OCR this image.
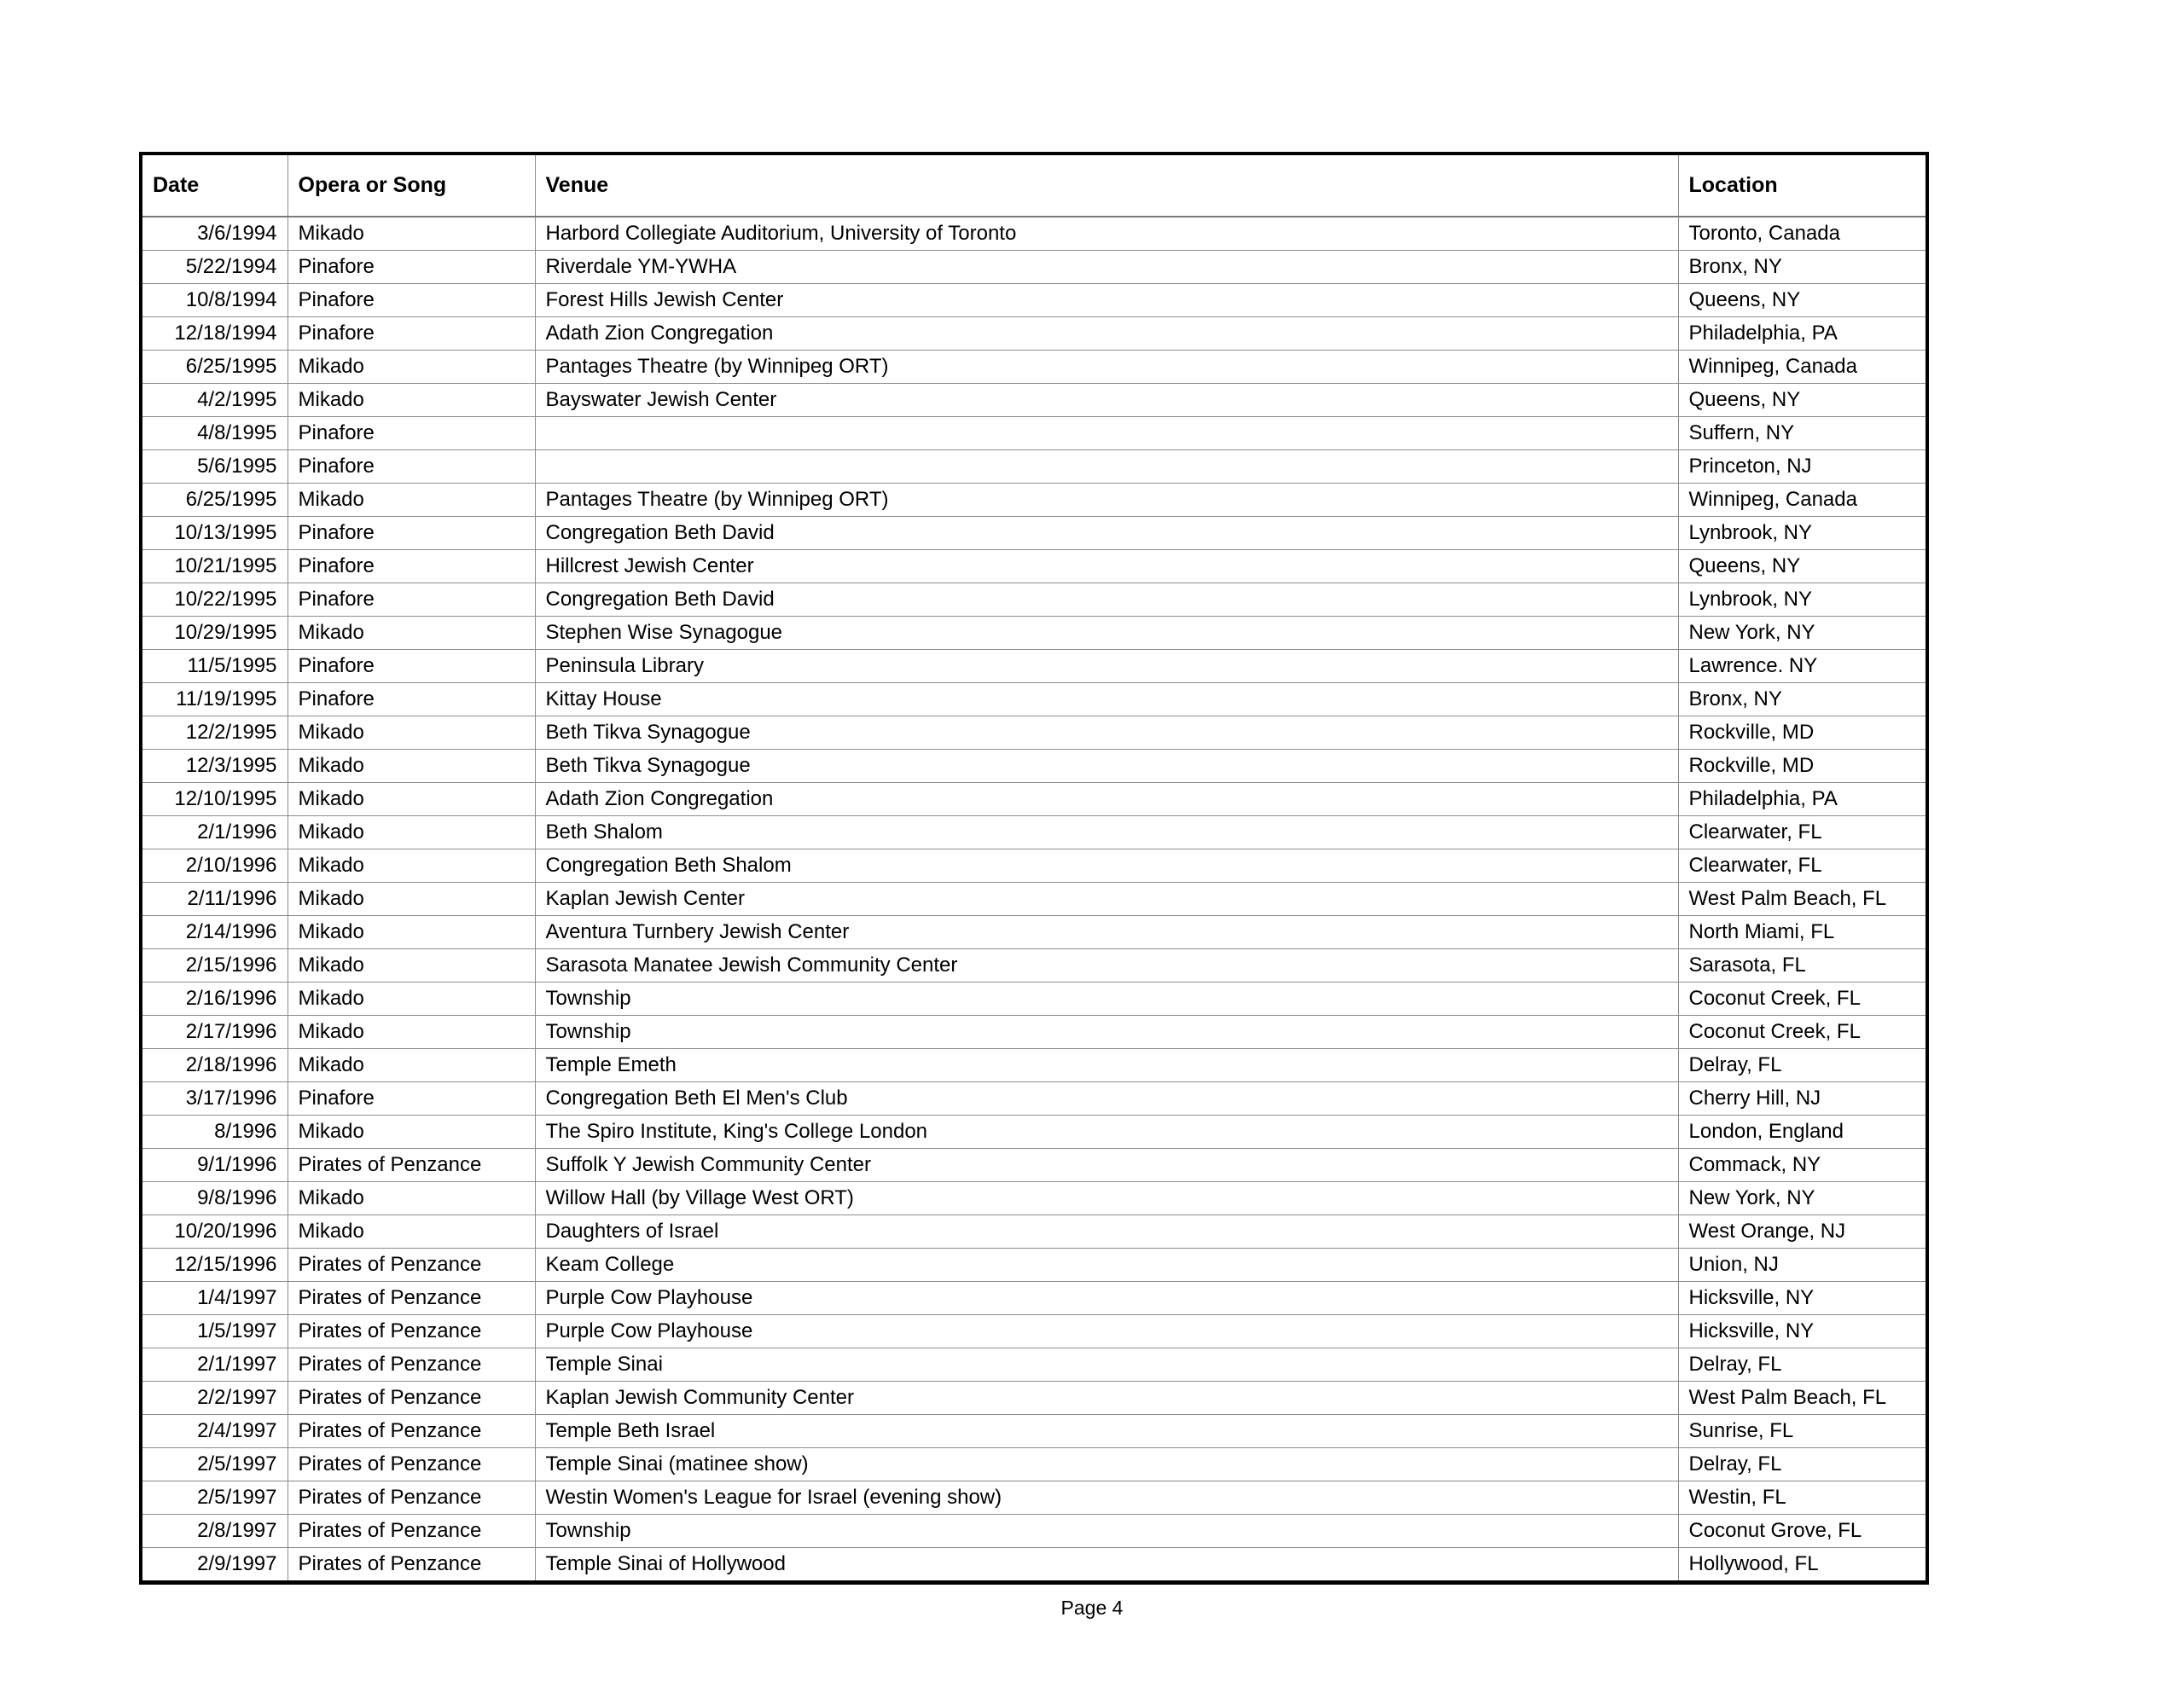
Date	Opera or Song	Venue	Location
3/6/1994	Mikado	Harbord Collegiate Auditorium, University of Toronto	Toronto, Canada
5/22/1994	Pinafore	Riverdale YM-YWHA	Bronx, NY
10/8/1994	Pinafore	Forest Hills Jewish Center	Queens, NY
12/18/1994	Pinafore	Adath Zion Congregation	Philadelphia, PA
6/25/1995	Mikado	Pantages Theatre (by Winnipeg ORT)	Winnipeg, Canada
4/2/1995	Mikado	Bayswater Jewish Center	Queens, NY
4/8/1995	Pinafore		Suffern, NY
5/6/1995	Pinafore		Princeton, NJ
6/25/1995	Mikado	Pantages Theatre (by Winnipeg ORT)	Winnipeg, Canada
10/13/1995	Pinafore	Congregation Beth David	Lynbrook, NY
10/21/1995	Pinafore	Hillcrest Jewish Center	Queens, NY
10/22/1995	Pinafore	Congregation Beth David	Lynbrook, NY
10/29/1995	Mikado	Stephen Wise Synagogue	New York, NY
11/5/1995	Pinafore	Peninsula Library	Lawrence. NY
11/19/1995	Pinafore	Kittay House	Bronx, NY
12/2/1995	Mikado	Beth Tikva Synagogue	Rockville, MD
12/3/1995	Mikado	Beth Tikva Synagogue	Rockville, MD
12/10/1995	Mikado	Adath Zion Congregation	Philadelphia, PA
2/1/1996	Mikado	Beth Shalom	Clearwater, FL
2/10/1996	Mikado	Congregation Beth Shalom	Clearwater, FL
2/11/1996	Mikado	Kaplan Jewish Center	West Palm Beach, FL
2/14/1996	Mikado	Aventura Turnbery Jewish Center	North Miami, FL
2/15/1996	Mikado	Sarasota Manatee Jewish Community Center	Sarasota, FL
2/16/1996	Mikado	Township	Coconut Creek, FL
2/17/1996	Mikado	Township	Coconut Creek, FL
2/18/1996	Mikado	Temple Emeth	Delray, FL
3/17/1996	Pinafore	Congregation Beth El Men's Club	Cherry Hill, NJ
8/1996	Mikado	The Spiro Institute, King's College London	London, England
9/1/1996	Pirates of Penzance	Suffolk Y Jewish Community Center	Commack, NY
9/8/1996	Mikado	Willow Hall (by Village West ORT)	New York, NY
10/20/1996	Mikado	Daughters of Israel	West Orange, NJ
12/15/1996	Pirates of Penzance	Keam College	Union, NJ
1/4/1997	Pirates of Penzance	Purple Cow Playhouse	Hicksville, NY
1/5/1997	Pirates of Penzance	Purple Cow Playhouse	Hicksville, NY
2/1/1997	Pirates of Penzance	Temple Sinai	Delray, FL
2/2/1997	Pirates of Penzance	Kaplan Jewish Community Center	West Palm Beach, FL
2/4/1997	Pirates of Penzance	Temple Beth Israel	Sunrise, FL
2/5/1997	Pirates of Penzance	Temple Sinai (matinee show)	Delray, FL
2/5/1997	Pirates of Penzance	Westin Women's League for Israel (evening show)	Westin, FL
2/8/1997	Pirates of Penzance	Township	Coconut Grove, FL
2/9/1997	Pirates of Penzance	Temple Sinai of Hollywood	Hollywood, FL
Page 4
